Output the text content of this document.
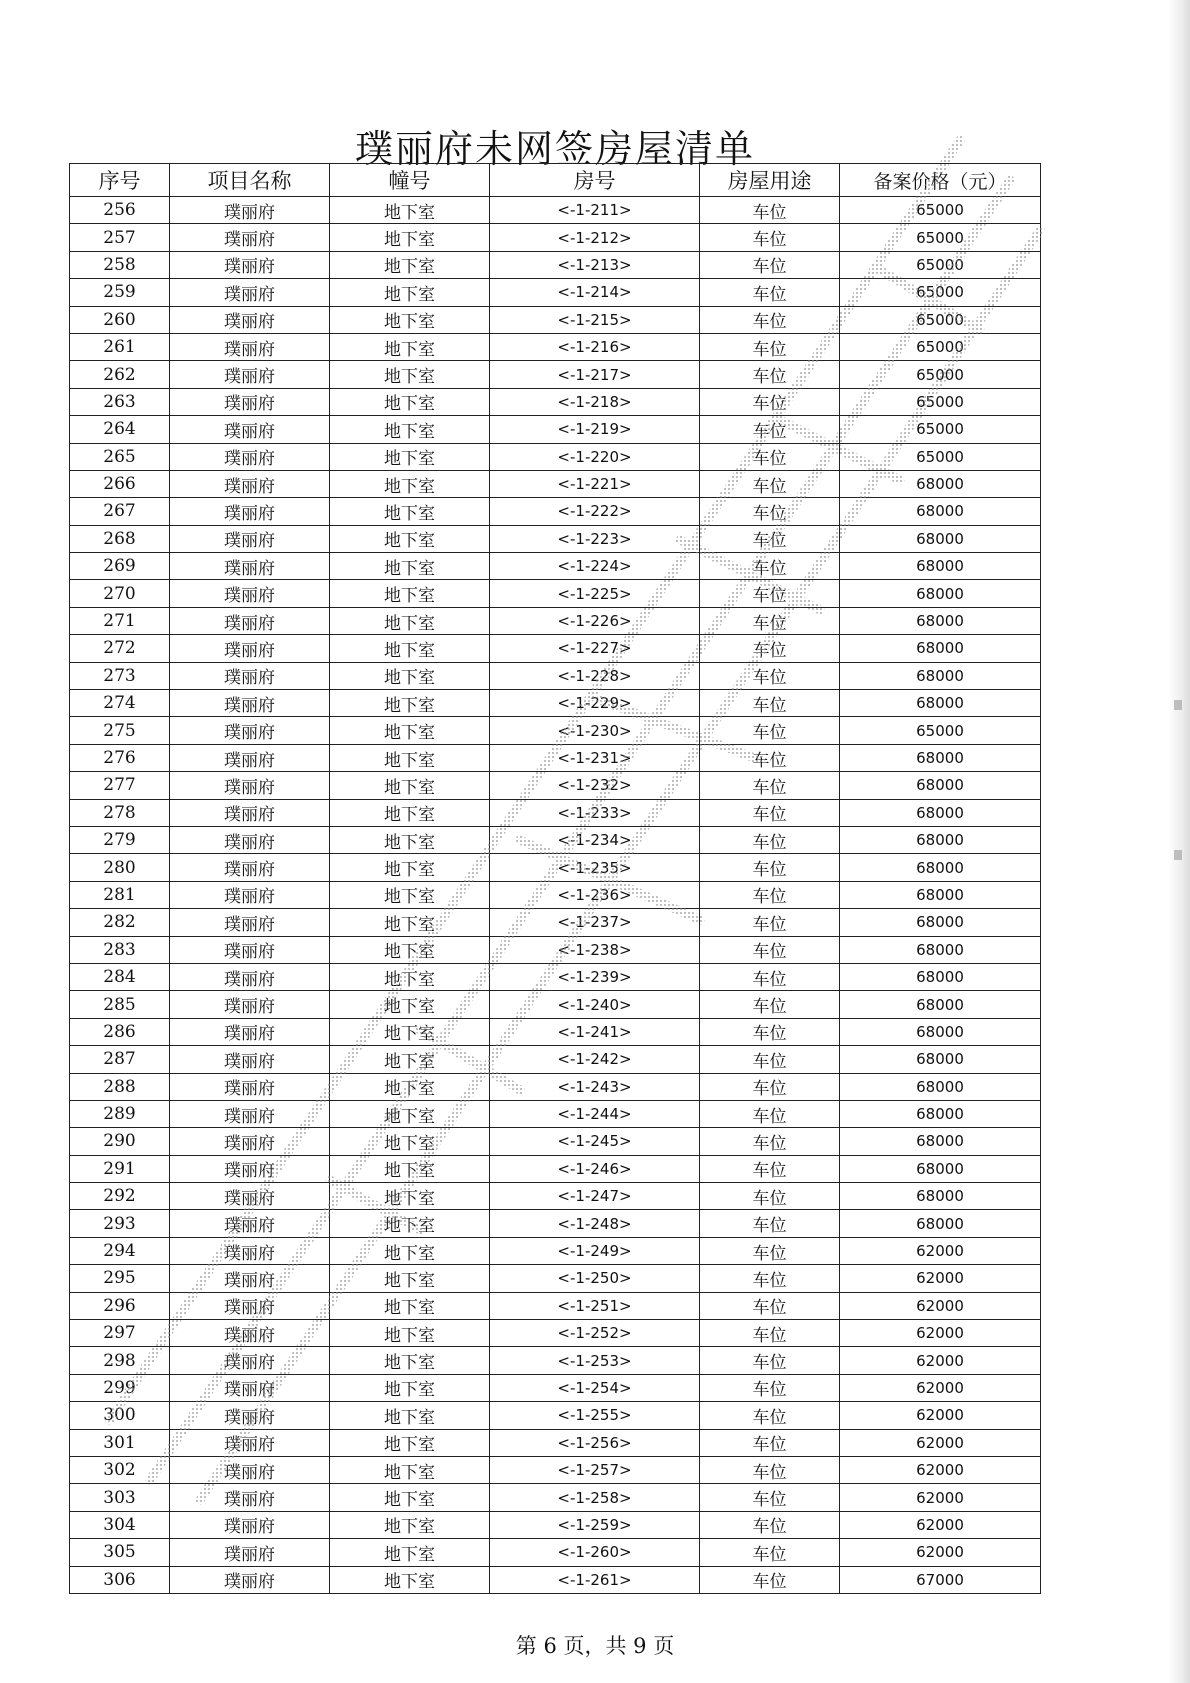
璞丽府未网签房屋清单
序号	项目名称	幢号	房号	房屋用途	备案价格（元）
256	璞丽府	地下室	<-1-211>	车位	65000
257	璞丽府	地下室	<-1-212>	车位	65000
258	璞丽府	地下室	<-1-213>	车位	65000
259	璞丽府	地下室	<-1-214>	车位	65000
260	璞丽府	地下室	<-1-215>	车位	65000
261	璞丽府	地下室	<-1-216>	车位	65000
262	璞丽府	地下室	<-1-217>	车位	65000
263	璞丽府	地下室	<-1-218>	车位	65000
264	璞丽府	地下室	<-1-219>	车位	65000
265	璞丽府	地下室	<-1-220>	车位	65000
266	璞丽府	地下室	<-1-221>	车位	68000
267	璞丽府	地下室	<-1-222>	车位	68000
268	璞丽府	地下室	<-1-223>	车位	68000
269	璞丽府	地下室	<-1-224>	车位	68000
270	璞丽府	地下室	<-1-225>	车位	68000
271	璞丽府	地下室	<-1-226>	车位	68000
272	璞丽府	地下室	<-1-227>	车位	68000
273	璞丽府	地下室	<-1-228>	车位	68000
274	璞丽府	地下室	<-1-229>	车位	68000
275	璞丽府	地下室	<-1-230>	车位	65000
276	璞丽府	地下室	<-1-231>	车位	68000
277	璞丽府	地下室	<-1-232>	车位	68000
278	璞丽府	地下室	<-1-233>	车位	68000
279	璞丽府	地下室	<-1-234>	车位	68000
280	璞丽府	地下室	<-1-235>	车位	68000
281	璞丽府	地下室	<-1-236>	车位	68000
282	璞丽府	地下室	<-1-237>	车位	68000
283	璞丽府	地下室	<-1-238>	车位	68000
284	璞丽府	地下室	<-1-239>	车位	68000
285	璞丽府	地下室	<-1-240>	车位	68000
286	璞丽府	地下室	<-1-241>	车位	68000
287	璞丽府	地下室	<-1-242>	车位	68000
288	璞丽府	地下室	<-1-243>	车位	68000
289	璞丽府	地下室	<-1-244>	车位	68000
290	璞丽府	地下室	<-1-245>	车位	68000
291	璞丽府	地下室	<-1-246>	车位	68000
292	璞丽府	地下室	<-1-247>	车位	68000
293	璞丽府	地下室	<-1-248>	车位	68000
294	璞丽府	地下室	<-1-249>	车位	62000
295	璞丽府	地下室	<-1-250>	车位	62000
296	璞丽府	地下室	<-1-251>	车位	62000
297	璞丽府	地下室	<-1-252>	车位	62000
298	璞丽府	地下室	<-1-253>	车位	62000
299	璞丽府	地下室	<-1-254>	车位	62000
300	璞丽府	地下室	<-1-255>	车位	62000
301	璞丽府	地下室	<-1-256>	车位	62000
302	璞丽府	地下室	<-1-257>	车位	62000
303	璞丽府	地下室	<-1-258>	车位	62000
304	璞丽府	地下室	<-1-259>	车位	62000
305	璞丽府	地下室	<-1-260>	车位	62000
306	璞丽府	地下室	<-1-261>	车位	67000
第 6 页，共 9 页
